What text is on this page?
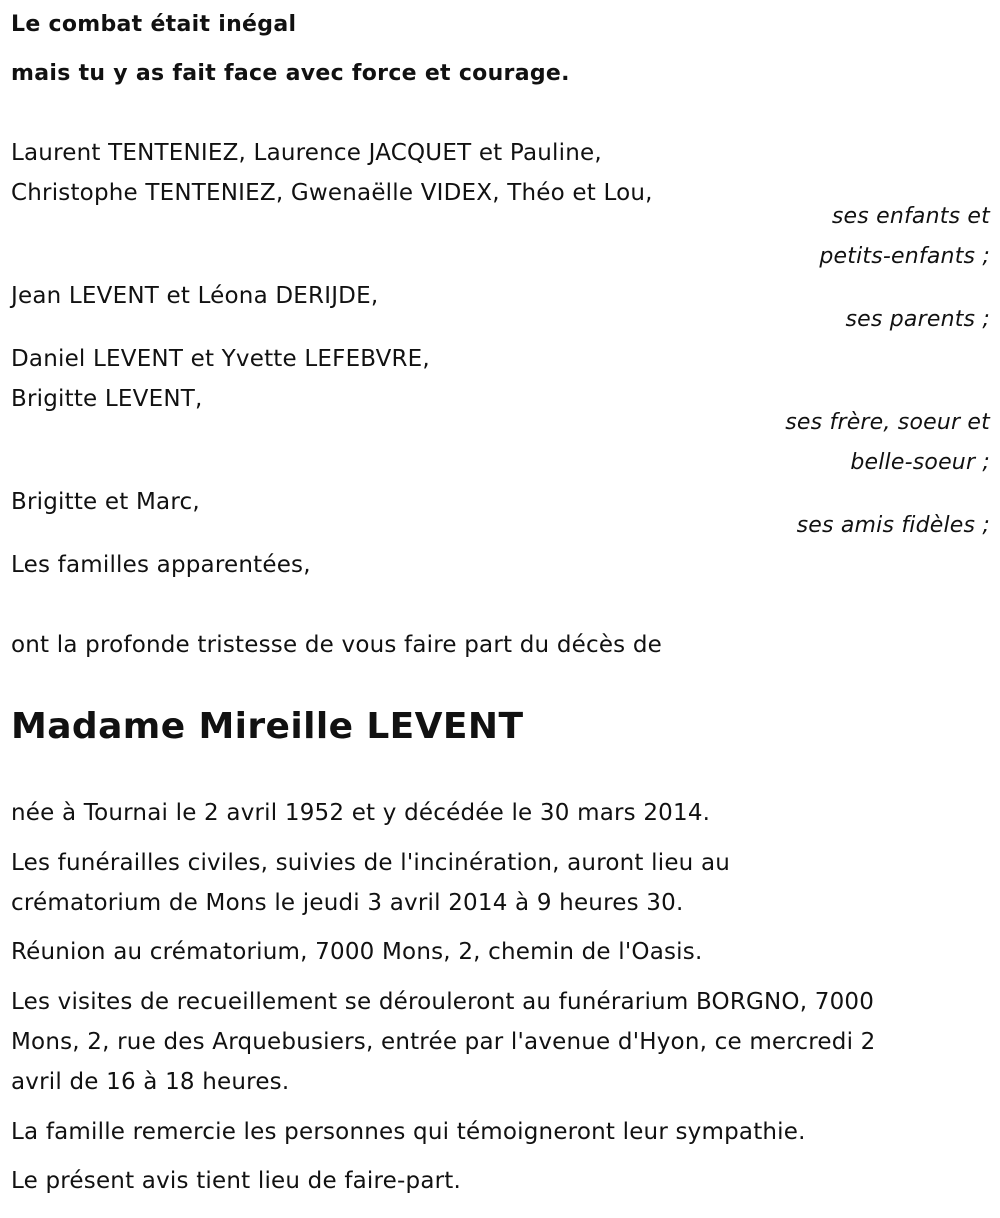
Le combat était inégal
mais tu y as fait face avec force et courage.
Laurent TENTENIEZ, Laurence JACQUET et Pauline,
Christophe TENTENIEZ, Gwenaëlle VIDEX, Théo et Lou,
ses enfants et
petits-enfants ;
Jean LEVENT et Léona DERIJDE,
ses parents ;
Daniel LEVENT et Yvette LEFEBVRE,
Brigitte LEVENT,
ses frère, soeur et
belle-soeur ;
Brigitte et Marc,
ses amis fidèles ;
Les familles apparentées,
ont la profonde tristesse de vous faire part du décès de
Madame Mireille LEVENT
née à Tournai le 2 avril 1952 et y décédée le 30 mars 2014.
Les funérailles civiles, suivies de l'incinération, auront lieu au
crématorium de Mons le jeudi 3 avril 2014 à 9 heures 30.
Réunion au crématorium, 7000 Mons, 2, chemin de l'Oasis.
Les visites de recueillement se dérouleront au funérarium BORGNO, 7000
Mons, 2, rue des Arquebusiers, entrée par l'avenue d'Hyon, ce mercredi 2
avril de 16 à 18 heures.
La famille remercie les personnes qui témoigneront leur sympathie.
Le présent avis tient lieu de faire-part.
